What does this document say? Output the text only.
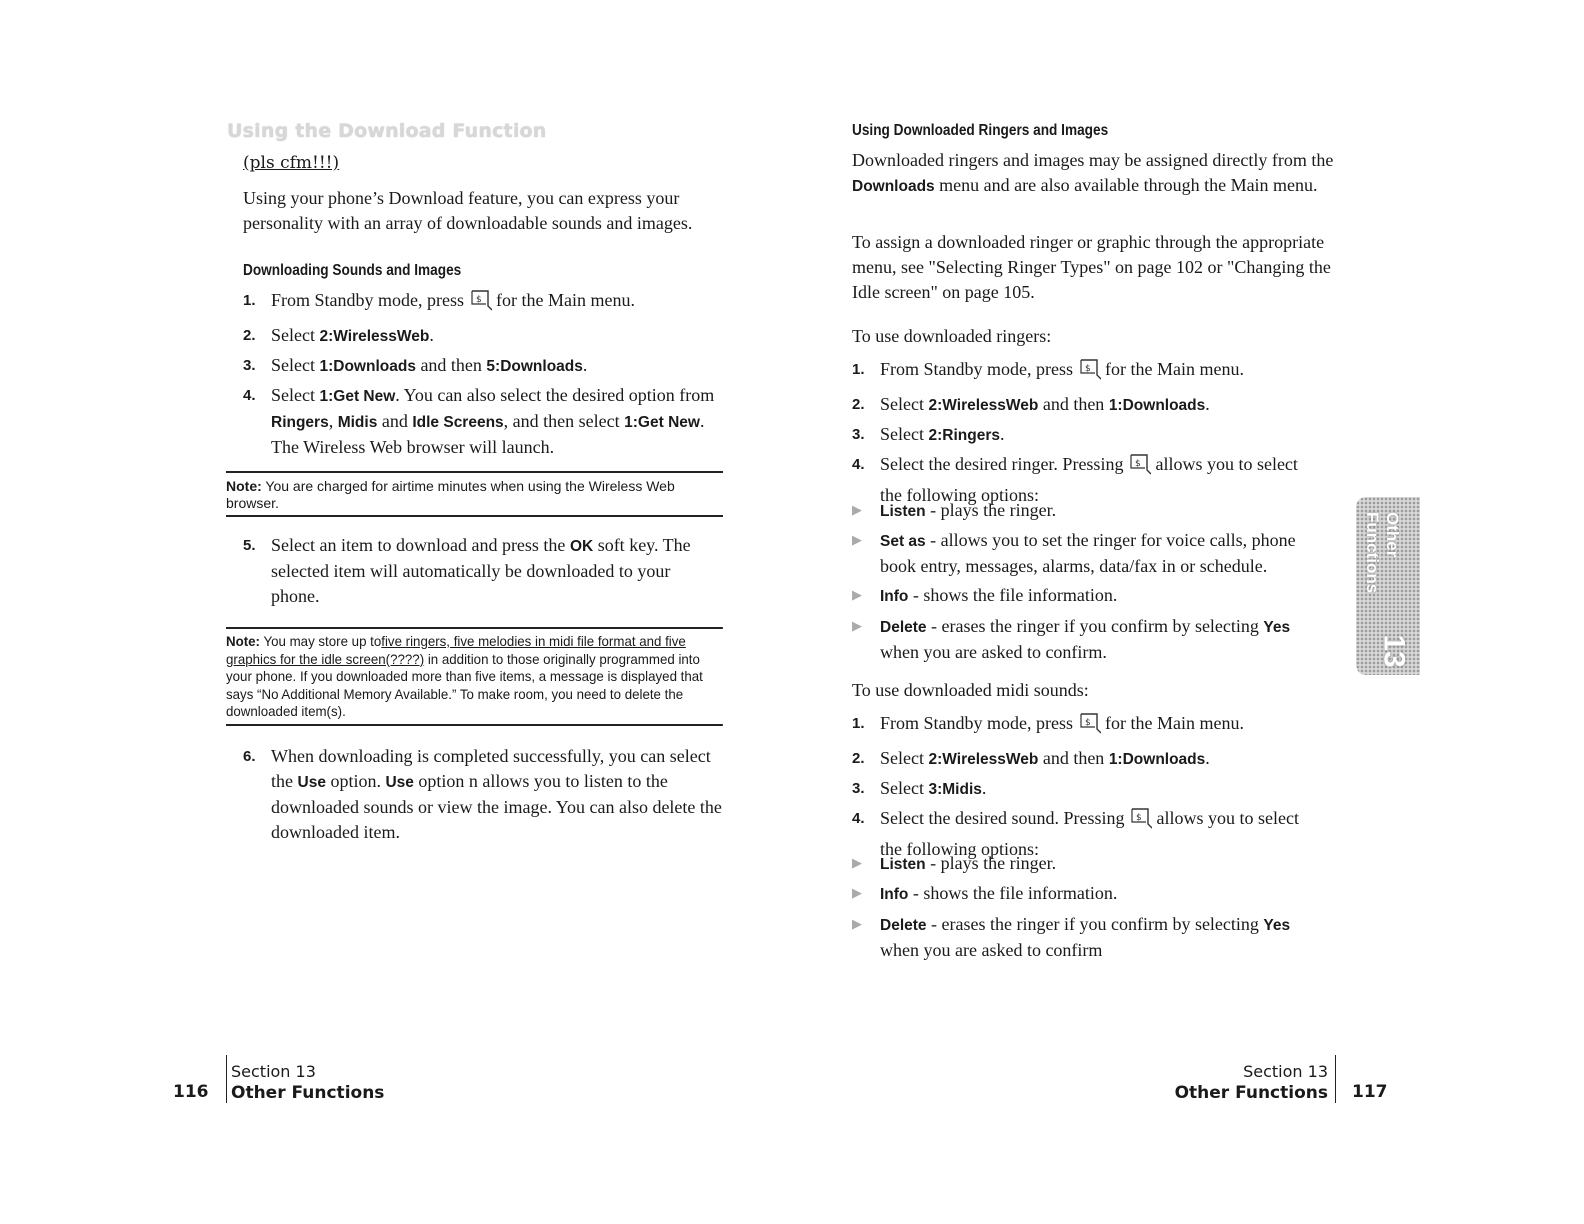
Using the Download Function
(pls cfm!!!)

Using your phone’s Download feature, you can express your personality with an array of downloadable sounds and images.

Downloading Sounds and Images
1. From Standby mode, press $ for the Main menu.
2. Select 2:WirelessWeb.
3. Select 1:Downloads and then 5:Downloads.
4. Select 1:Get New. You can also select the desired option from Ringers, Midis and Idle Screens, and then select 1:Get New.
The Wireless Web browser will launch.
Note: You are charged for airtime minutes when using the Wireless Web browser.
5. Select an item to download and press the OK soft key. The selected item will automatically be downloaded to your phone.
Note: You may store up tofive ringers, five melodies in midi file format and five graphics for the idle screen(????) in addition to those originally programmed into your phone. If you downloaded more than five items, a message is displayed that says “No Additional Memory Available.” To make room, you need to delete the downloaded item(s).
6. When downloading is completed successfully, you can select the Use option. Use option n allows you to listen to the downloaded sounds or view the image. You can also delete the downloaded item.
Using Downloaded Ringers and Images

Downloaded ringers and images may be assigned directly from the Downloads menu and are also available through the Main menu.

To assign a downloaded ringer or graphic through the appropriate menu, see "Selecting Ringer Types" on page 102 or "Changing the Idle screen" on page 105.

To use downloaded ringers:

1. From Standby mode, press $ for the Main menu.
2. Select 2:WirelessWeb and then 1:Downloads.
3. Select 2:Ringers.
4. Select the desired ringer. Pressing $ allows you to select the following options:
▶ Listen - plays the ringer.
▶ Set as - allows you to set the ringer for voice calls, phone book entry, messages, alarms, data/fax in or schedule.
▶ Info - shows the file information.
▶ Delete - erases the ringer if you confirm by selecting Yes when you are asked to confirm.

To use downloaded midi sounds:

1. From Standby mode, press $ for the Main menu.
2. Select 2:WirelessWeb and then 1:Downloads.
3. Select 3:Midis.
4. Select the desired sound. Pressing $ allows you to select the following options:
▶ Listen - plays the ringer.
▶ Info - shows the file information.
▶ Delete - erases the ringer if you confirm by selecting Yes when you are asked to confirm
Other Functions
13
116
Section 13
Other Functions
Section 13
Other Functions 117
